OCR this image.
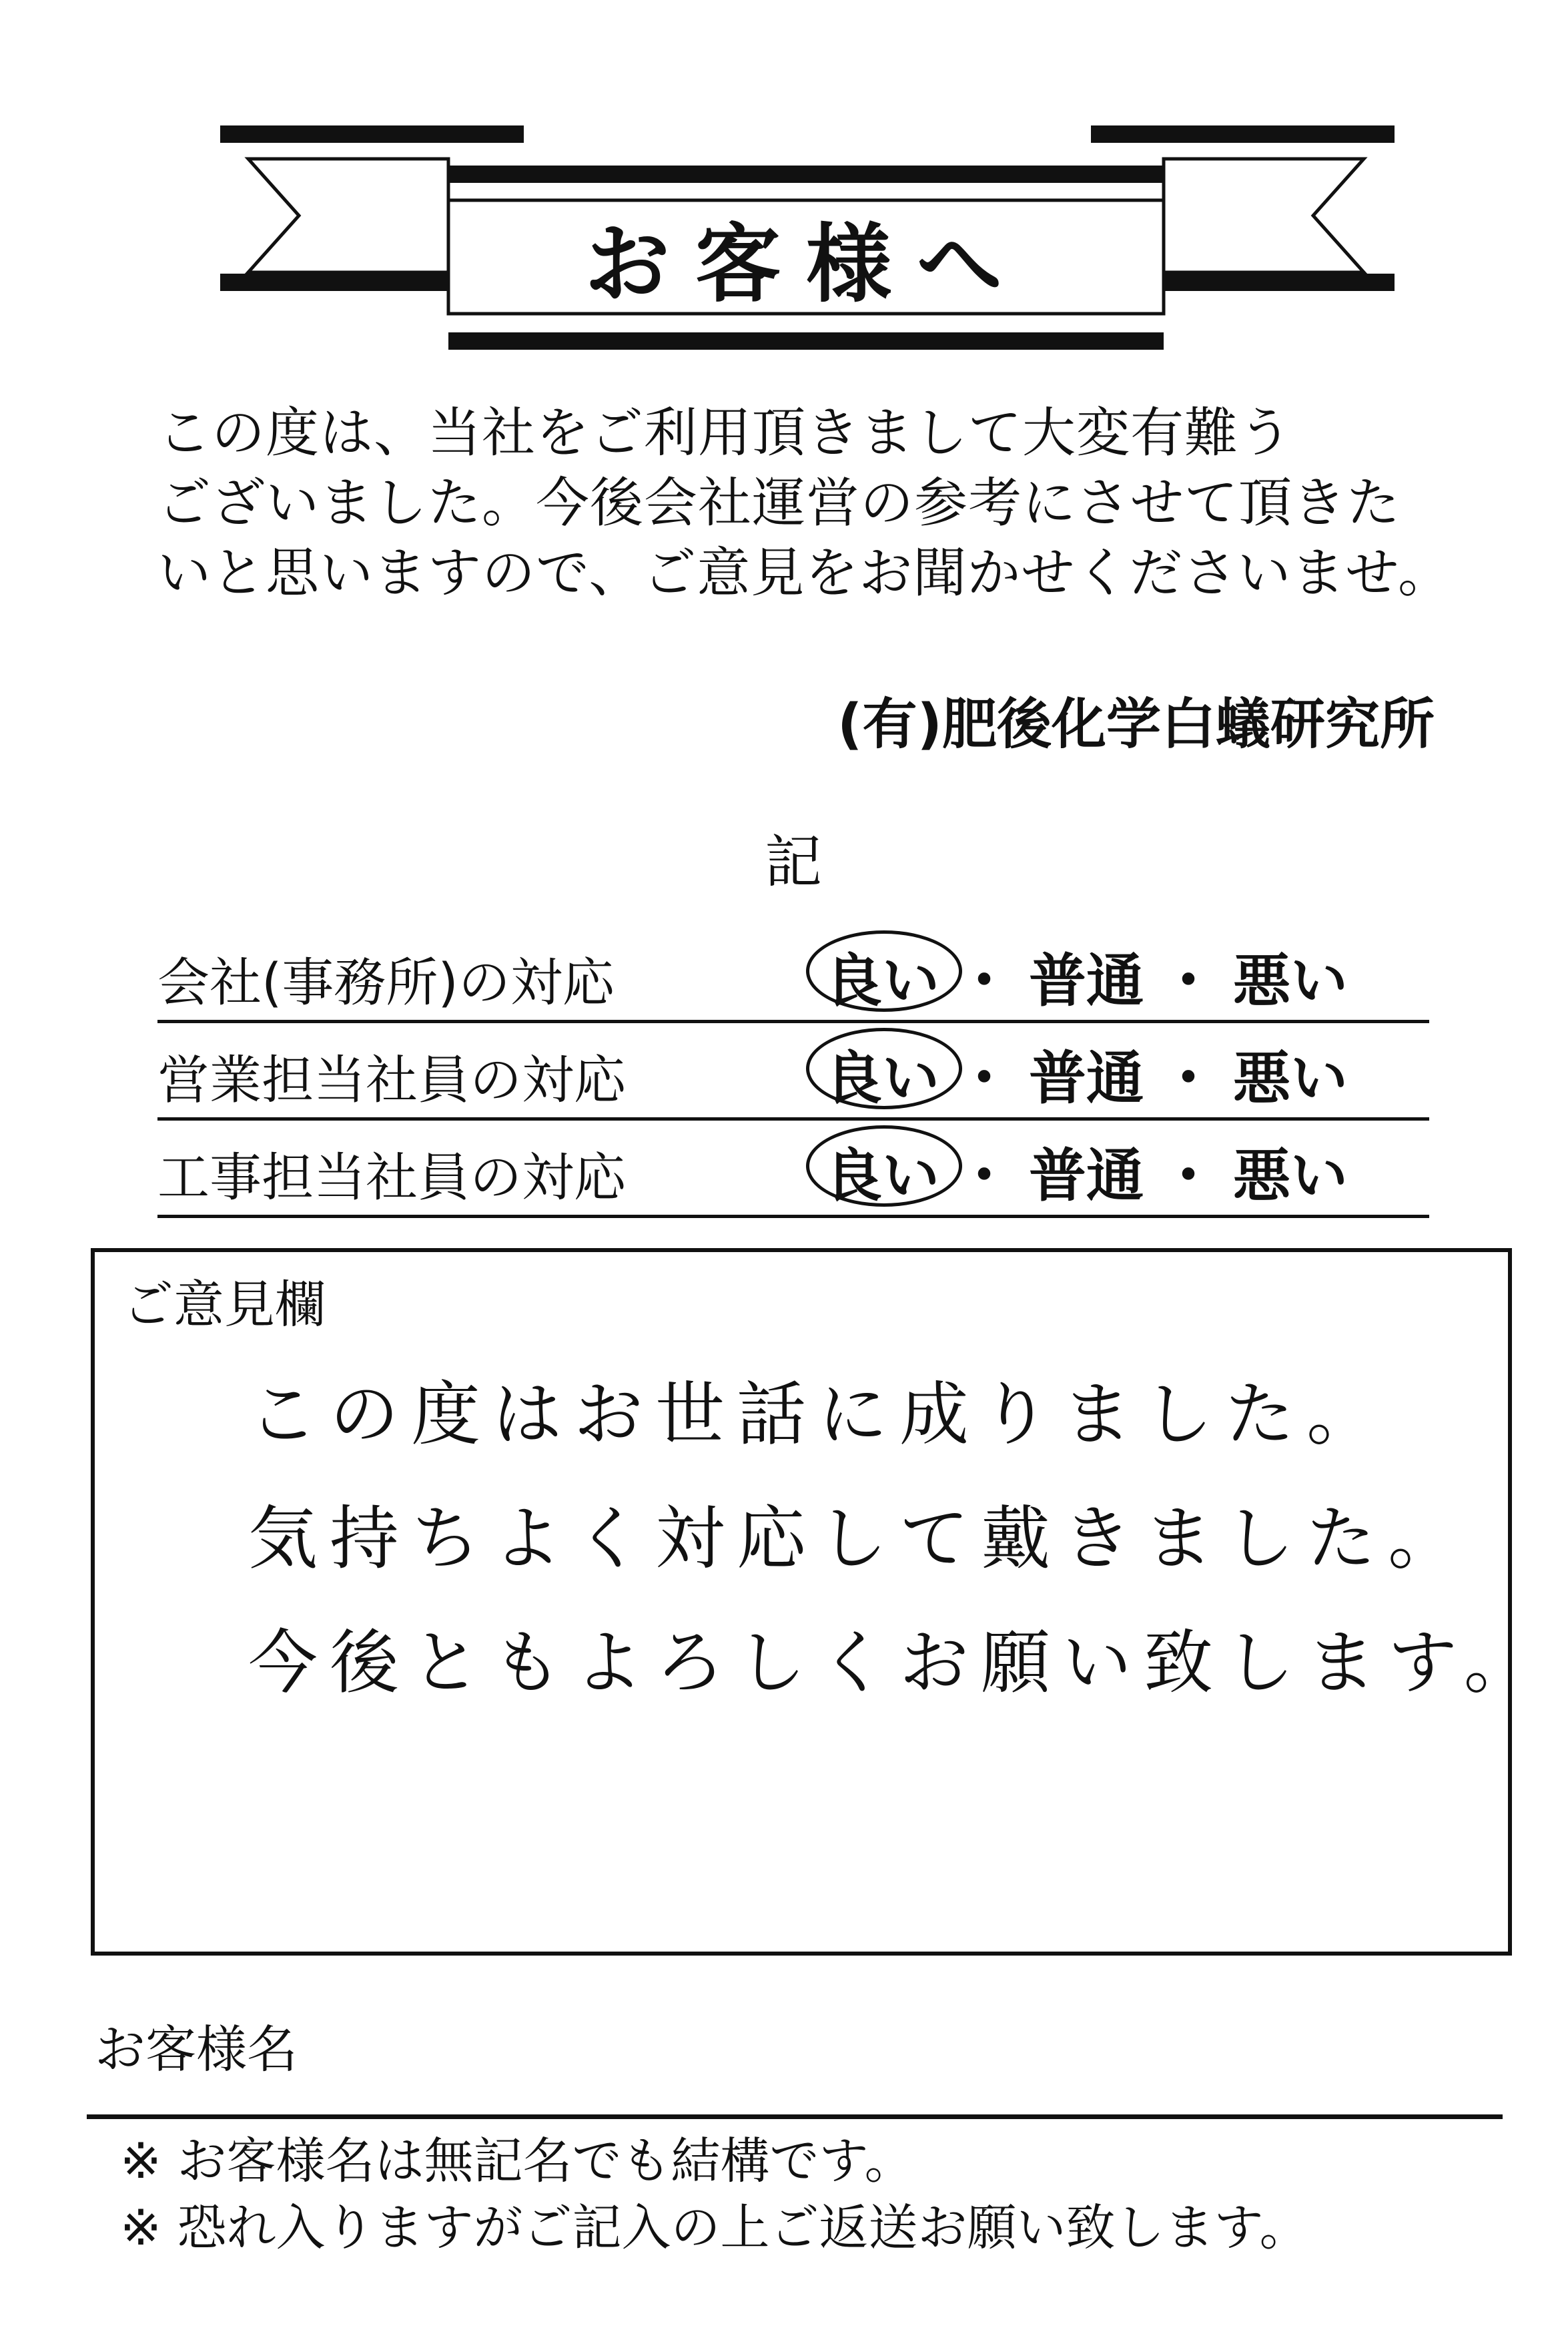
お客様へ
この度は、当社をご利用頂きまして大変有難う
ございました。今後会社運営の参考にさせて頂きた
いと思いますので、ご意見をお聞かせくださいませ。
(有)肥後化学白蟻研究所
記
会社(事務所)の対応	良い ・ 普通 ・ 悪い
営業担当社員の対応	良い ・ 普通 ・ 悪い
工事担当社員の対応	良い ・ 普通 ・ 悪い
ご意見欄
この度はお世話に成りました。
気持ちよく対応して戴きました。
今後ともよろしくお願い致します。
お客様名
※ お客様名は無記名でも結構です。
※ 恐れ入りますがご記入の上ご返送お願い致します。
